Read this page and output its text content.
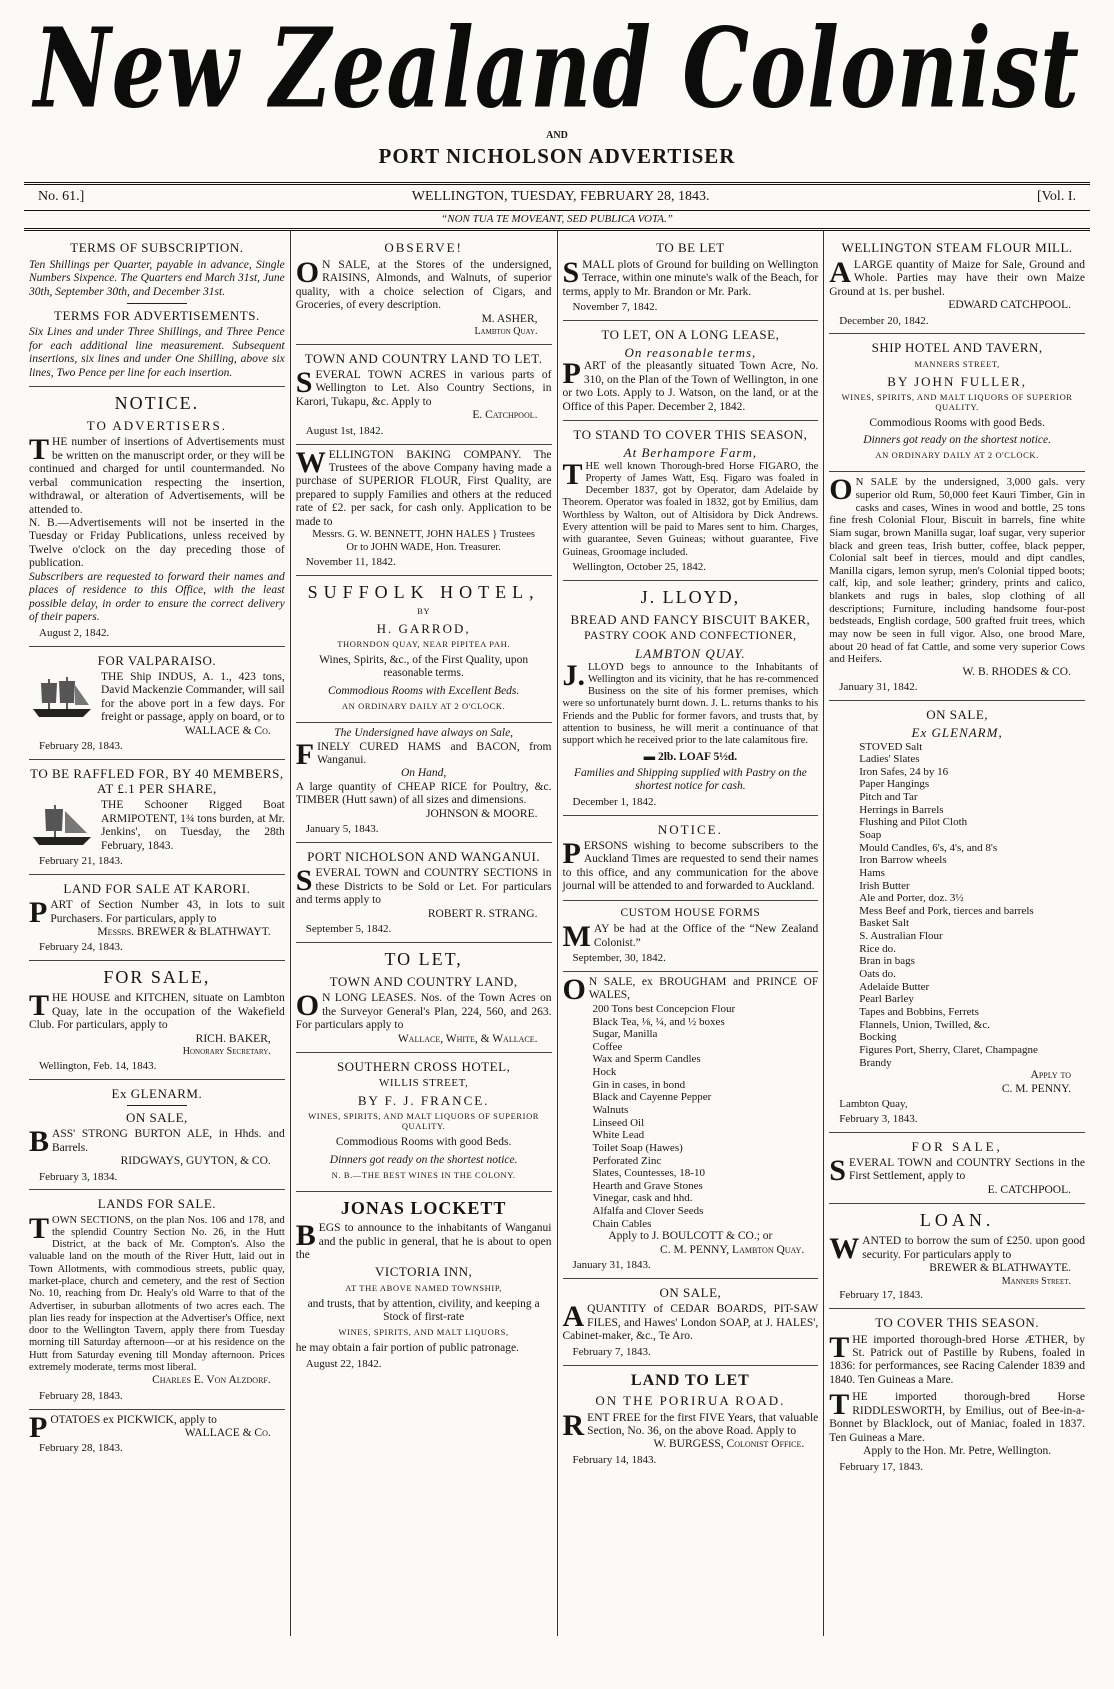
New Zealand Colonist
AND
PORT NICHOLSON ADVERTISER
No. 61.]	WELLINGTON, TUESDAY, FEBRUARY 28, 1843.	[Vol. I.
“NON TUA TE MOVEANT, SED PUBLICA VOTA.”
TERMS OF SUBSCRIPTION.

Ten Shillings per Quarter, payable in advance, Single Numbers Sixpence. The Quarters end March 31st, June 30th, September 30th, and December 31st.

TERMS FOR ADVERTISEMENTS.

Six Lines and under Three Shillings, and Three Pence for each additional line measurement. Subsequent insertions, six lines and under One Shilling, above six lines, Two Pence per line for each insertion.

NOTICE.
TO ADVERTISERS.

THE number of insertions of Advertisements must be written on the manuscript order, or they will be continued and charged for until countermanded. No verbal communication respecting the insertion, withdrawal, or alteration of Advertisements, will be attended to.

N. B.—Advertisements will not be inserted in the Tuesday or Friday Publications, unless received by Twelve o'clock on the day preceding those of publication.

Subscribers are requested to forward their names and places of residence to this Office, with the least possible delay, in order to ensure the correct delivery of their papers.

August 2, 1842.

FOR VALPARAISO.

THE Ship INDUS, A. 1., 423 tons, David Mackenzie Commander, will sail for the above port in a few days. For freight or passage, apply on board, or to

WALLACE & Co.

February 28, 1843.

TO BE RAFFLED FOR, BY 40 MEMBERS, AT £.1 PER SHARE,

THE Schooner Rigged Boat ARMIPOTENT, 1¾ tons burden, at Mr. Jenkins', on Tuesday, the 28th February, 1843.

February 21, 1843.

LAND FOR SALE AT KARORI.

PART of Section Number 43, in lots to suit Purchasers. For particulars, apply to

Messrs. BREWER & BLATHWAYT.

February 24, 1843.

FOR SALE,

THE HOUSE and KITCHEN, situate on Lambton Quay, late in the occupation of the Wakefield Club. For particulars, apply to

RICH. BAKER,

Honorary Secretary.

Wellington, Feb. 14, 1843.

Ex GLENARM.
ON SALE,

BASS' STRONG BURTON ALE, in Hhds. and Barrels.

RIDGWAYS, GUYTON, & CO.

February 3, 1834.

LANDS FOR SALE.

TOWN SECTIONS, on the plan Nos. 106 and 178, and the splendid Country Section No. 26, in the Hutt District, at the back of Mr. Compton's. Also the valuable land on the mouth of the River Hutt, laid out in Town Allotments, with commodious streets, public quay, market-place, church and cemetery, and the rest of Section No. 10, reaching from Dr. Healy's old Warre to that of the Advertiser, in suburban allotments of two acres each. The plan lies ready for inspection at the Advertiser's Office, next door to the Wellington Tavern, apply there from Tuesday morning till Saturday afternoon—or at his residence on the Hutt from Saturday evening till Monday afternoon. Prices extremely moderate, terms most liberal.

Charles E. Von Alzdorf.

February 28, 1843.

POTATOES ex PICKWICK, apply to

WALLACE & Co.

February 28, 1843.

OBSERVE!

ON SALE, at the Stores of the undersigned, RAISINS, Almonds, and Walnuts, of superior quality, with a choice selection of Cigars, and Groceries, of every description.

M. ASHER,

Lambton Quay.

TOWN AND COUNTRY LAND TO LET.

SEVERAL TOWN ACRES in various parts of Wellington to Let. Also Country Sections, in Karori, Tukapu, &c. Apply to

E. Catchpool.

August 1st, 1842.

WELLINGTON BAKING COMPANY. The Trustees of the above Company having made a purchase of SUPERIOR FLOUR, First Quality, are prepared to supply Families and others at the reduced rate of £2. per sack, for cash only. Application to be made to

Messrs. G. W. BENNETT, JOHN HALES } Trustees

Or to JOHN WADE, Hon. Treasurer.

November 11, 1842.

SUFFOLK HOTEL,
BY
H. GARROD,
THORNDON QUAY, NEAR PIPITEA PAH.

Wines, Spirits, &c., of the First Quality, upon reasonable terms.

Commodious Rooms with Excellent Beds.

AN ORDINARY DAILY AT 2 O'CLOCK.

The Undersigned have always on Sale,

FINELY CURED HAMS and BACON, from Wanganui.

On Hand,

A large quantity of CHEAP RICE for Poultry, &c. TIMBER (Hutt sawn) of all sizes and dimensions.

JOHNSON & MOORE.

January 5, 1843.

PORT NICHOLSON AND WANGANUI.

SEVERAL TOWN and COUNTRY SECTIONS in these Districts to be Sold or Let. For particulars and terms apply to

ROBERT R. STRANG.

September 5, 1842.

TO LET,
TOWN AND COUNTRY LAND,

ON LONG LEASES. Nos. of the Town Acres on the Surveyor General's Plan, 224, 560, and 263. For particulars apply to

Wallace, White, & Wallace.

SOUTHERN CROSS HOTEL,
WILLIS STREET,
BY F. J. FRANCE.
WINES, SPIRITS, AND MALT LIQUORS OF SUPERIOR QUALITY.

Commodious Rooms with good Beds.

Dinners got ready on the shortest notice.

N. B.—THE BEST WINES IN THE COLONY.
JONAS LOCKETT

BEGS to announce to the inhabitants of Wanganui and the public in general, that he is about to open the

VICTORIA INN,
AT THE ABOVE NAMED TOWNSHIP,

and trusts, that by attention, civility, and keeping a Stock of first-rate

WINES, SPIRITS, AND MALT LIQUORS,

he may obtain a fair portion of public patronage.

August 22, 1842.

TO BE LET

SMALL plots of Ground for building on Wellington Terrace, within one minute's walk of the Beach, for terms, apply to Mr. Brandon or Mr. Park.

November 7, 1842.

TO LET, ON A LONG LEASE,
On reasonable terms,

PART of the pleasantly situated Town Acre, No. 310, on the Plan of the Town of Wellington, in one or two Lots. Apply to J. Watson, on the land, or at the Office of this Paper. December 2, 1842.

TO STAND TO COVER THIS SEASON,
At Berhampore Farm,

THE well known Thorough-bred Horse FIGARO, the Property of James Watt, Esq. Figaro was foaled in December 1837, got by Operator, dam Adelaide by Theorem. Operator was foaled in 1832, got by Emilius, dam Worthless by Walton, out of Altisidora by Dick Andrews. Every attention will be paid to Mares sent to him. Charges, with guarantee, Seven Guineas; without guarantee, Five Guineas, Groomage included.

Wellington, October 25, 1842.

J. LLOYD,
BREAD AND FANCY BISCUIT BAKER,
PASTRY COOK AND CONFECTIONER,
LAMBTON QUAY.

J.LLOYD begs to announce to the Inhabitants of Wellington and its vicinity, that he has re-commenced Business on the site of his former premises, which were so unfortunately burnt down. J. L. returns thanks to his Friends and the Public for former favors, and trusts that, by attention to business, he will merit a continuance of that support which he received prior to the late calamitous fire.

▬ 2lb. LOAF 5½d.

Families and Shipping supplied with Pastry on the shortest notice for cash.

December 1, 1842.

NOTICE.

PERSONS wishing to become subscribers to the Auckland Times are requested to send their names to this office, and any communication for the above journal will be attended to and forwarded to Auckland.

CUSTOM HOUSE FORMS

MAY be had at the Office of the “New Zealand Colonist.”

September, 30, 1842.

ON SALE, ex BROUGHAM and PRINCE OF WALES,

200 Tons best Concepcion Flour
Black Tea, ⅛, ¼, and ½ boxes
Sugar, Manilla
Coffee
Wax and Sperm Candles
Hock
Gin in cases, in bond
Black and Cayenne Pepper
Walnuts
Linseed Oil
White Lead
Toilet Soap (Hawes)
Perforated Zinc
Slates, Countesses, 18-10
Hearth and Grave Stones
Vinegar, cask and hhd.
Alfalfa and Clover Seeds
Chain Cables

Apply to J. BOULCOTT & CO.; or

C. M. PENNY, Lambton Quay.

January 31, 1843.

ON SALE,

AQUANTITY of CEDAR BOARDS, PIT-SAW FILES, and Hawes' London SOAP, at J. HALES', Cabinet-maker, &c., Te Aro.

February 7, 1843.

LAND TO LET
ON THE PORIRUA ROAD.

RENT FREE for the first FIVE Years, that valuable Section, No. 36, on the above Road. Apply to

W. BURGESS, Colonist Office.

February 14, 1843.

WELLINGTON STEAM FLOUR MILL.

ALARGE quantity of Maize for Sale, Ground and Whole. Parties may have their own Maize Ground at 1s. per bushel.

EDWARD CATCHPOOL.

December 20, 1842.

SHIP HOTEL AND TAVERN,
MANNERS STREET,
BY JOHN FULLER,
WINES, SPIRITS, AND MALT LIQUORS OF SUPERIOR QUALITY.

Commodious Rooms with good Beds.

Dinners got ready on the shortest notice.

AN ORDINARY DAILY AT 2 O'CLOCK.

ON SALE by the undersigned, 3,000 gals. very superior old Rum, 50,000 feet Kauri Timber, Gin in casks and cases, Wines in wood and bottle, 25 tons fine fresh Colonial Flour, Biscuit in barrels, fine white Siam sugar, brown Manilla sugar, loaf sugar, very superior black and green teas, Irish butter, coffee, black pepper, Colonial salt beef in tierces, mould and dipt candles, Manilla cigars, lemon syrup, men's Colonial tipped boots; calf, kip, and sole leather; grindery, prints and calico, blankets and rugs in bales, slop clothing of all descriptions; Furniture, including handsome four-post bedsteads, English cordage, 500 grafted fruit trees, which may now be seen in full vigor. Also, one brood Mare, about 20 head of fat Cattle, and some very superior Cows and Heifers.

W. B. RHODES & CO.

January 31, 1842.

ON SALE,
Ex GLENARM,
STOVED Salt
Ladies' Slates
Iron Safes, 24 by 16
Paper Hangings
Pitch and Tar
Herrings in Barrels
Flushing and Pilot Cloth
Soap
Mould Candles, 6's, 4's, and 8's
Iron Barrow wheels
Hams
Irish Butter
Ale and Porter, doz. 3½
Mess Beef and Pork, tierces and barrels
Basket Salt
S. Australian Flour
Rice do.
Bran in bags
Oats do.
Adelaide Butter
Pearl Barley
Tapes and Bobbins, Ferrets
Flannels, Union, Twilled, &c.
Bocking
Figures Port, Sherry, Claret, Champagne
Brandy

Apply to

C. M. PENNY.

Lambton Quay,

February 3, 1843.

FOR SALE,

SEVERAL TOWN and COUNTRY Sections in the First Settlement, apply to

E. CATCHPOOL.

LOAN.

WANTED to borrow the sum of £250. upon good security. For particulars apply to

BREWER & BLATHWAYTE.

Manners Street.

February 17, 1843.

TO COVER THIS SEASON.

THE imported thorough-bred Horse ÆTHER, by St. Patrick out of Pastille by Rubens, foaled in 1836: for performances, see Racing Calender 1839 and 1840. Ten Guineas a Mare.

THE imported thorough-bred Horse RIDDLESWORTH, by Emilius, out of Bee-in-a-Bonnet by Blacklock, out of Maniac, foaled in 1837. Ten Guineas a Mare.

Apply to the Hon. Mr. Petre, Wellington.

February 17, 1843.
